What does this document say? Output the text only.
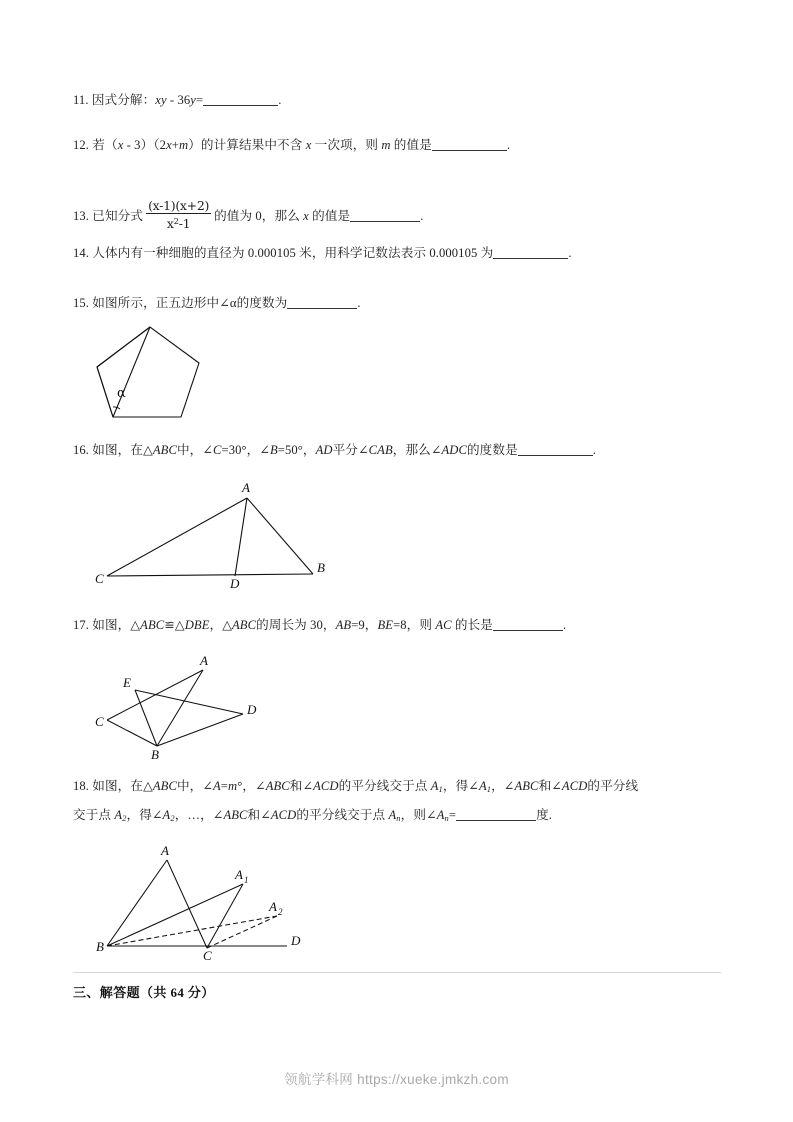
11. 因式分解：xy - 36y=	.
12. 若（x - 3）（2x+m）的计算结果中不含 x 一次项，则 m 的值是	.
13. 已知分式 $\frac{(x-1)(x+2)}{x^2-1}$ 的值为 0，那么 x 的值是	.
14. 人体内有一种细胞的直径为 0.000105 米，用科学记数法表示 0.000105 为	.
15. 如图所示，正五边形中∠α的度数为	.
α
16. 如图，在△ABC中，∠C=30°，∠B=50°，AD平分∠CAB，那么∠ADC的度数是	.
A
C	D
B
17. 如图，△ABC≌△DBE，△ABC的周长为 30，AB=9，BE=8，则 AC 的长是	.
A
E
C
D
B
18. 如图，在△ABC中，∠A=m°，∠ABC和∠ACD的平分线交于点 $A_1$，得$\angle A_1$，∠ABC和∠ACD的平分线
交于点 $A_2$，得$\angle A_2$，…，∠ABC和∠ACD的平分线交于点 $A_n$，则$\angle A_n=$	度.
A
A 1
A 2
B
C
D
三、解答题（共 64 分）
领航学科网 https://xueke.jmkzh.com
